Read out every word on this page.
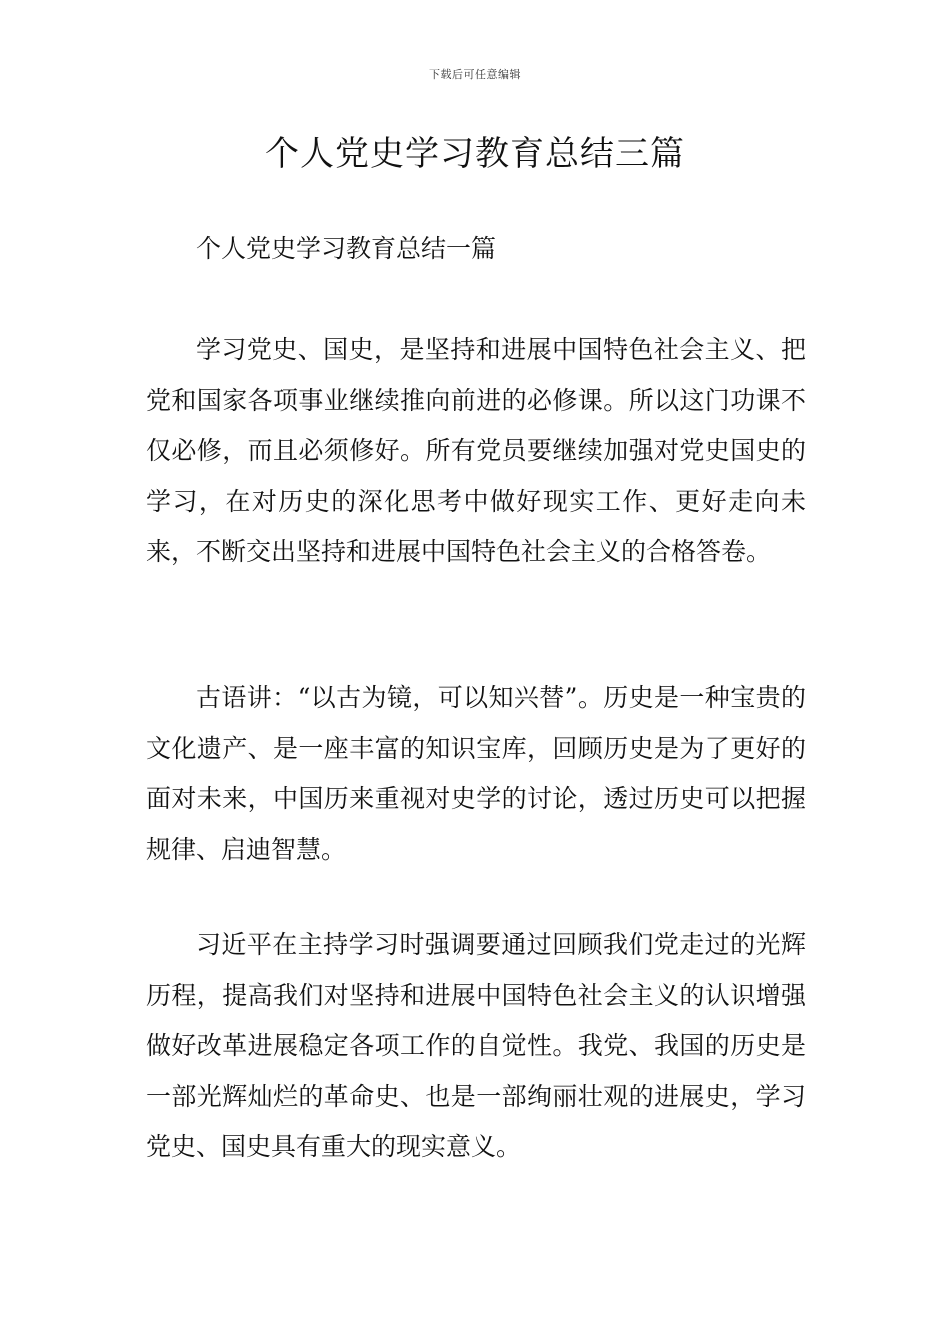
下载后可任意编辑
个人党史学习教育总结三篇

个人党史学习教育总结一篇

学习党史、国史，是坚持和进展中国特色社会主义、把党和国家各项事业继续推向前进的必修课。所以这门功课不仅必修，而且必须修好。所有党员要继续加强对党史国史的学习，在对历史的深化思考中做好现实工作、更好走向未来，不断交出坚持和进展中国特色社会主义的合格答卷。

古语讲：“以古为镜，可以知兴替”。历史是一种宝贵的文化遗产、是一座丰富的知识宝库，回顾历史是为了更好的面对未来，中国历来重视对史学的讨论，透过历史可以把握规律、启迪智慧。

习近平在主持学习时强调要通过回顾我们党走过的光辉历程，提高我们对坚持和进展中国特色社会主义的认识增强做好改革进展稳定各项工作的自觉性。我党、我国的历史是一部光辉灿烂的革命史、也是一部绚丽壮观的进展史，学习党史、国史具有重大的现实意义。
